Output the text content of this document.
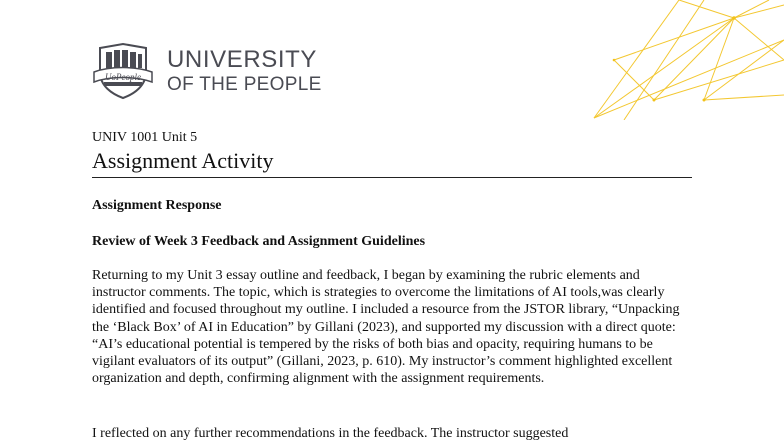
UoPeople
UNIVERSITY
OF THE PEOPLE
UNIV 1001 Unit 5
Assignment Activity
Assignment Response
Review of Week 3 Feedback and Assignment Guidelines
Returning to my Unit 3 essay outline and feedback, I began by examining the rubric elements and instructor comments. The topic, which is strategies to overcome the limitations of AI tools,was clearly identified and focused throughout my outline. I included a resource from the JSTOR library, “Unpacking the ‘Black Box’ of AI in Education” by Gillani (2023), and supported my discussion with a direct quote: “AI’s educational potential is tempered by the risks of both bias and opacity, requiring humans to be vigilant evaluators of its output” (Gillani, 2023, p. 610). My instructor’s comment highlighted excellent organization and depth, confirming alignment with the assignment requirements.
I reflected on any further recommendations in the feedback. The instructor suggested
